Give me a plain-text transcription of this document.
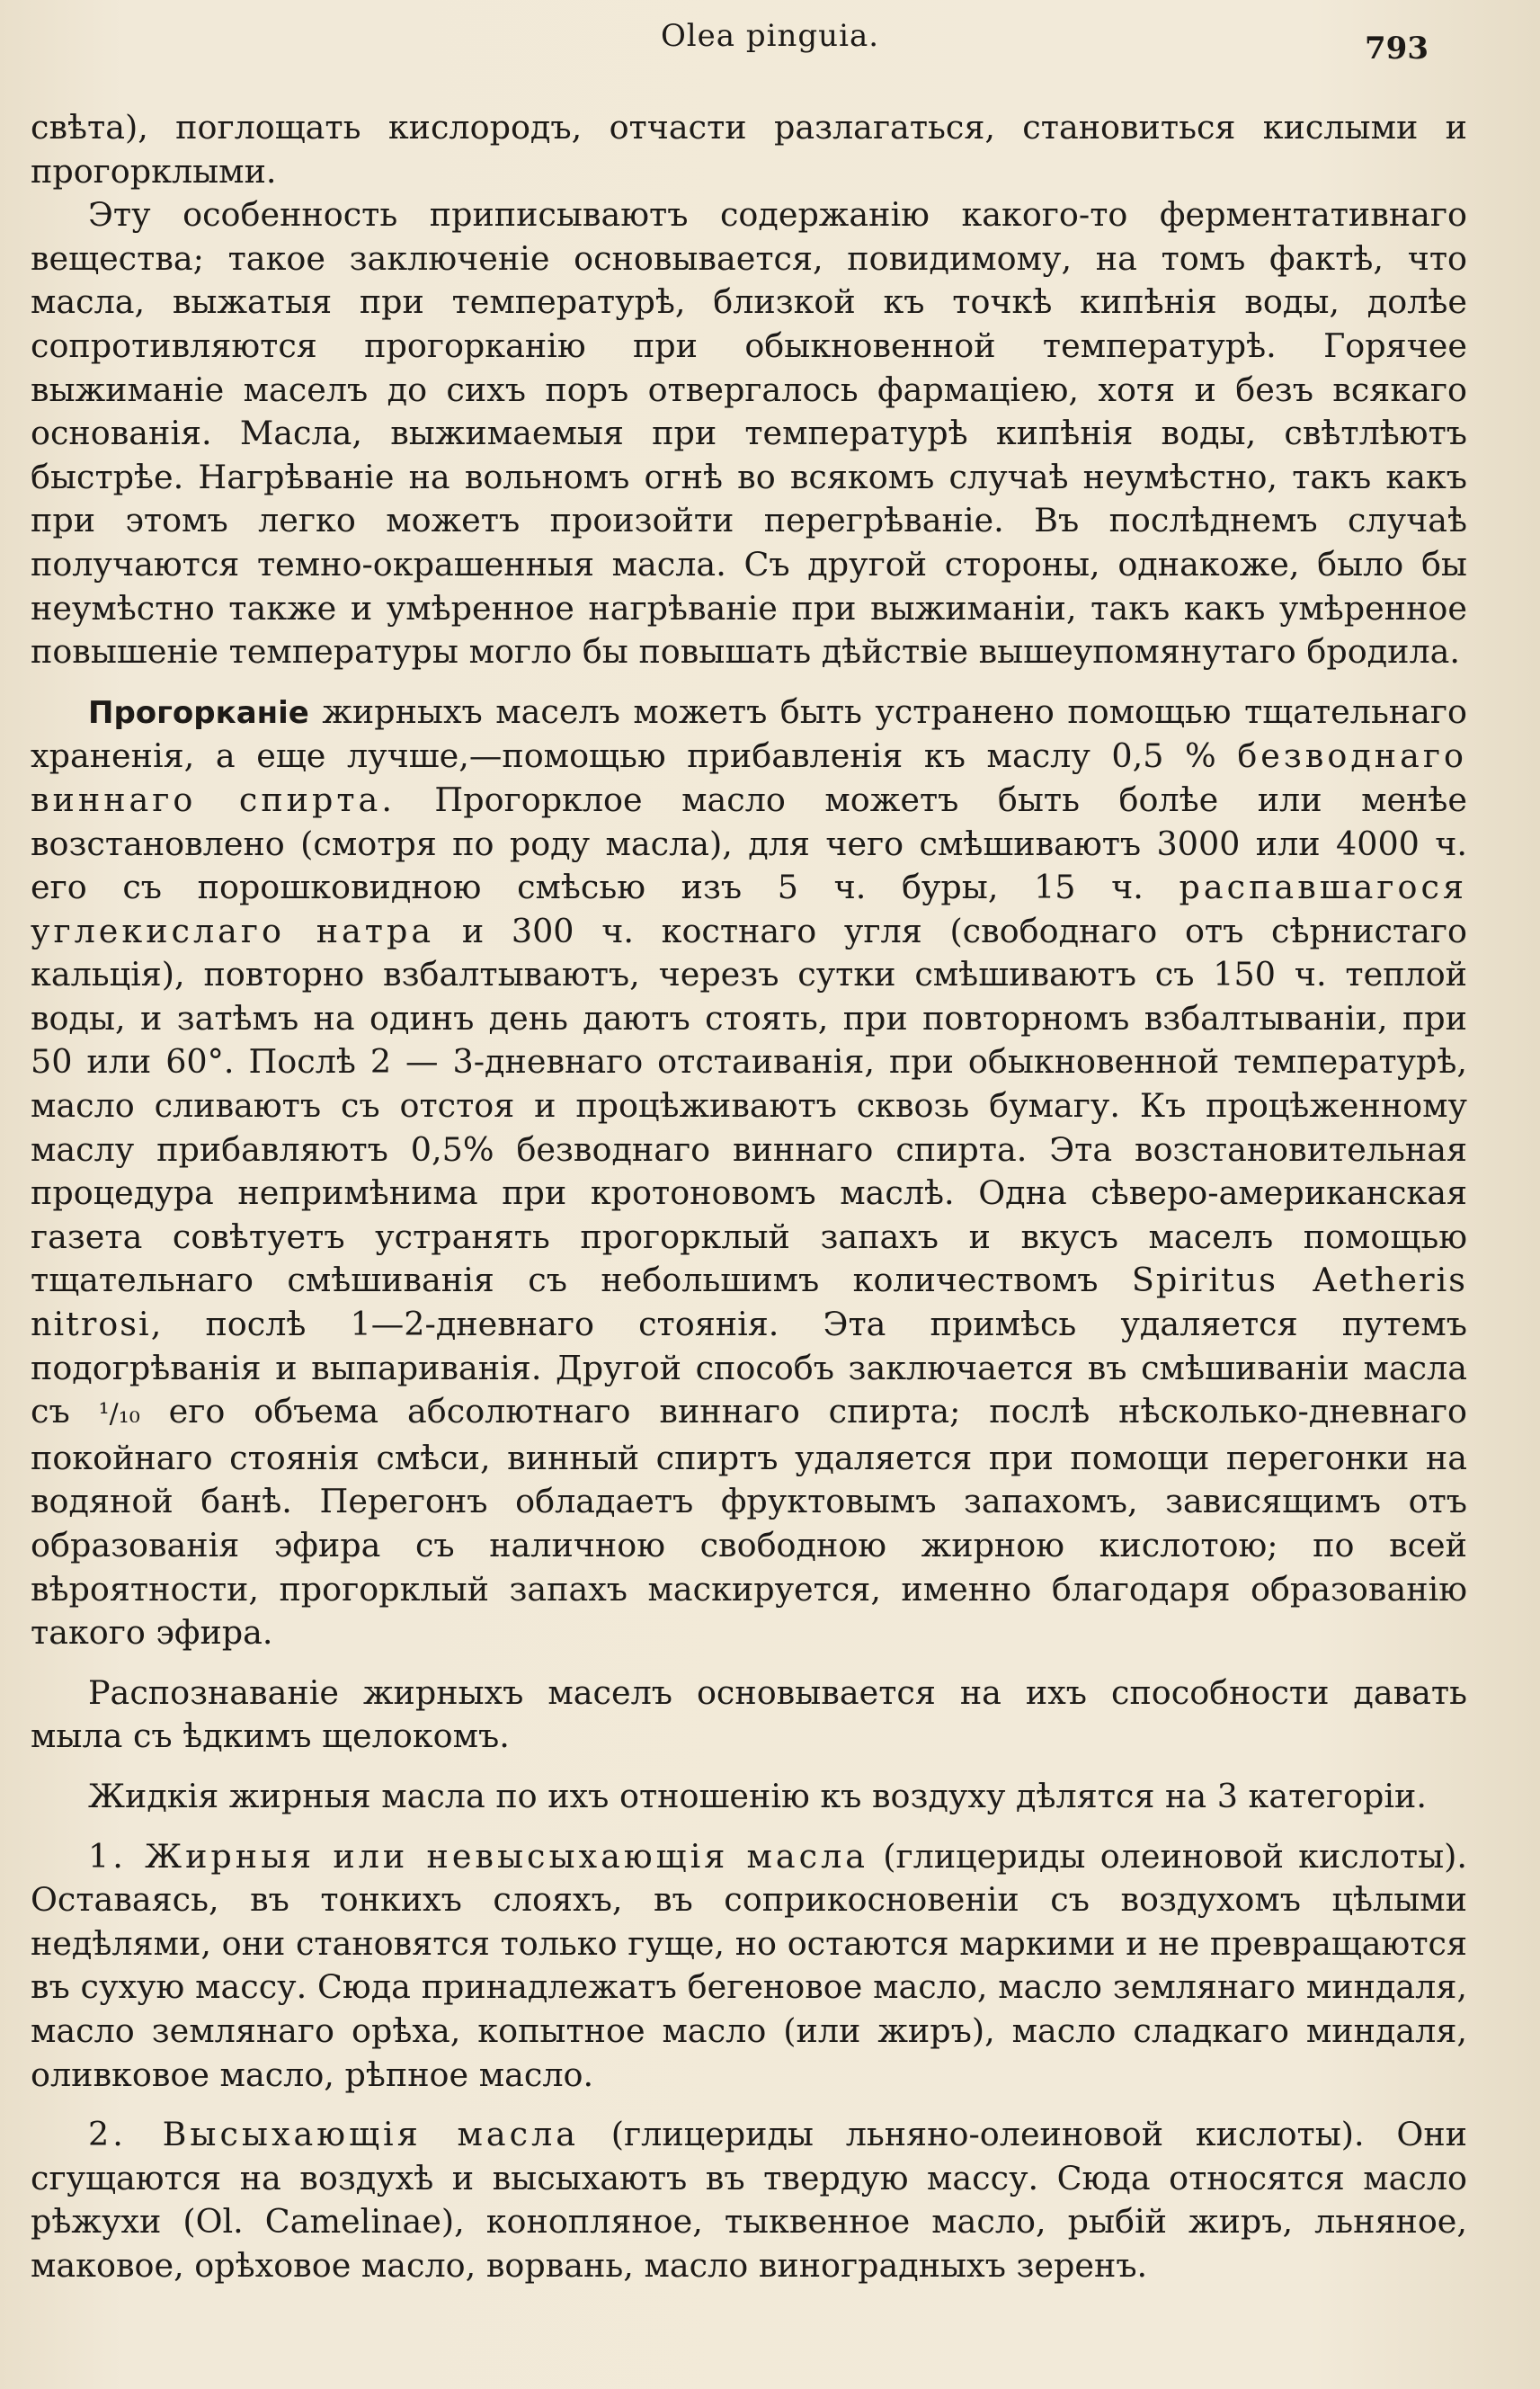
Olea pinguia.	793

свѣта), поглощать кислородъ, отчасти разлагаться, становиться кислыми и прогорклыми.

Эту особенность приписываютъ содержанію какого-то ферментативнаго вещества; такое заключеніе основывается, повидимому, на томъ фактѣ, что масла, выжатыя при температурѣ, близкой къ точкѣ кипѣнія воды, долѣе сопротивляются прогорканію при обыкновенной температурѣ. Горячее выжиманіе маселъ до сихъ поръ отвергалось фармаціею, хотя и безъ всякаго основанія. Масла, выжимаемыя при температурѣ кипѣнія воды, свѣтлѣютъ быстрѣе. Нагрѣваніе на вольномъ огнѣ во всякомъ случаѣ неумѣстно, такъ какъ при этомъ легко можетъ произойти перегрѣваніе. Въ послѣднемъ случаѣ получаются темно-окрашенныя масла. Съ другой стороны, однакоже, было бы неумѣстно также и умѣренное нагрѣваніе при выжиманіи, такъ какъ умѣренное повышеніе температуры могло бы повышать дѣйствіе вышеупомянутаго бродила.

Прогорканіе жирныхъ маселъ можетъ быть устранено помощью тщательнаго храненія, а еще лучше,—помощью прибавленія къ маслу 0,5 % безводнаго виннаго спирта. Прогорклое масло можетъ быть болѣе или менѣе возстановлено (смотря по роду масла), для чего смѣшиваютъ 3000 или 4000 ч. его съ порошковидною смѣсью изъ 5 ч. буры, 15 ч. распавшагося углекислаго натра и 300 ч. костнаго угля (свободнаго отъ сѣрнистаго кальція), повторно взбалтываютъ, черезъ сутки смѣшиваютъ съ 150 ч. теплой воды, и затѣмъ на одинъ день даютъ стоять, при повторномъ взбалтываніи, при 50 или 60°. Послѣ 2 — 3-дневнаго отстаиванія, при обыкновенной температурѣ, масло сливаютъ съ отстоя и процѣживаютъ сквозь бумагу. Къ процѣженному маслу прибавляютъ 0,5% безводнаго виннаго спирта. Эта возстановительная процедура непримѣнима при кротоновомъ маслѣ. Одна сѣверо-американская газета совѣтуетъ устранять прогорклый запахъ и вкусъ маселъ помощью тщательнаго смѣшиванія съ небольшимъ количествомъ Spiritus Aetheris nitrosi, послѣ 1—2-дневнаго стоянія. Эта примѣсь удаляется путемъ подогрѣванія и выпариванія. Другой способъ заключается въ смѣшиваніи масла съ ¹/₁₀ его объема абсолютнаго виннаго спирта; послѣ нѣсколько-дневнаго покойнаго стоянія смѣси, винный спиртъ удаляется при помощи перегонки на водяной банѣ. Перегонъ обладаетъ фруктовымъ запахомъ, зависящимъ отъ образованія эфира съ наличною свободною жирною кислотою; по всей вѣроятности, прогорклый запахъ маскируется, именно благодаря образованію такого эфира.

Распознаваніе жирныхъ маселъ основывается на ихъ способности давать мыла съ ѣдкимъ щелокомъ.

Жидкія жирныя масла по ихъ отношенію къ воздуху дѣлятся на 3 категоріи.

1. Жирныя или невысыхающія масла (глицериды олеиновой кислоты). Оставаясь, въ тонкихъ слояхъ, въ соприкосновеніи съ воздухомъ цѣлыми недѣлями, они становятся только гуще, но остаются маркими и не превращаются въ сухую массу. Сюда принадлежатъ бегеновое масло, масло землянаго миндаля, масло землянаго орѣха, копытное масло (или жиръ), масло сладкаго миндаля, оливковое масло, рѣпное масло.

2. Высыхающія масла (глицериды льняно-олеиновой кислоты). Они сгущаются на воздухѣ и высыхаютъ въ твердую массу. Сюда относятся масло рѣжухи (Ol. Camelinae), конопляное, тыквенное масло, рыбій жиръ, льняное, маковое, орѣховое масло, ворвань, масло виноградныхъ зеренъ.
